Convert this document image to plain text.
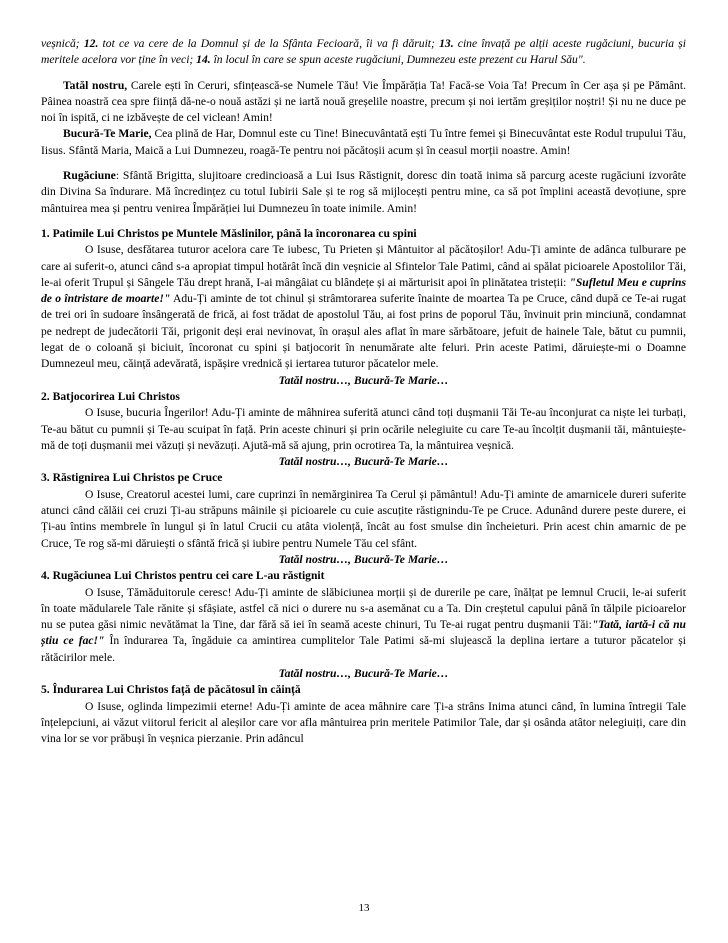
veșnică; 12. tot ce va cere de la Domnul și de la Sfânta Fecioară, îi va fi dăruit; 13. cine învață pe alții aceste rugăciuni, bucuria și meritele acelora vor ține în veci; 14. în locul în care se spun aceste rugăciuni, Dumnezeu este prezent cu Harul Său".

Tatăl nostru, Carele ești în Ceruri, sfințească-se Numele Tău! Vie Împărăția Ta! Facă-se Voia Ta! Precum în Cer așa și pe Pământ. Pâinea noastră cea spre ființă dă-ne-o nouă astăzi și ne iartă nouă greșelile noastre, precum și noi iertăm greșiților noștri! Și nu ne duce pe noi în ispită, ci ne izbăvește de cel viclean! Amin!

Bucură-Te Marie, Cea plină de Har, Domnul este cu Tine! Binecuvântată ești Tu între femei și Binecuvântat este Rodul trupului Tău, Iisus. Sfântă Maria, Maică a Lui Dumnezeu, roagă-Te pentru noi păcătoșii acum și în ceasul morții noastre. Amin!

Rugăciune: Sfântă Brigitta, slujitoare credincioasă a Lui Isus Răstignit, doresc din toată inima să parcurg aceste rugăciuni izvorâte din Divina Sa îndurare. Mă încredințez cu totul Iubirii Sale și te rog să mijlocești pentru mine, ca să pot împlini această devoțiune, spre mântuirea mea și pentru venirea Împărăției lui Dumnezeu în toate inimile. Amin!

1. Patimile Lui Christos pe Muntele Măslinilor, până la încoronarea cu spini

O Isuse, desfătarea tuturor acelora care Te iubesc, Tu Prieten și Mântuitor al păcătoșilor! Adu-Ți aminte de adânca tulburare pe care ai suferit-o, atunci când s-a apropiat timpul hotărât încă din veșnicie al Sfintelor Tale Patimi, când ai spălat picioarele Apostolilor Tăi, le-ai oferit Trupul și Sângele Tău drept hrană, I-ai mângâiat cu blândețe și ai mărturisit apoi în plinătatea tristeții: "Sufletul Meu e cuprins de o întristare de moarte!" Adu-Ți aminte de tot chinul și strâmtorarea suferite înainte de moartea Ta pe Cruce, când după ce Te-ai rugat de trei ori în sudoare însângerată de frică, ai fost trădat de apostolul Tău, ai fost prins de poporul Tău, învinuit prin minciună, condamnat pe nedrept de judecătorii Tăi, prigonit deși erai nevinovat, în orașul ales aflat în mare sărbătoare, jefuit de hainele Tale, bătut cu pumnii, legat de o coloană și biciuit, încoronat cu spini și batjocorit în nenumărate alte feluri. Prin aceste Patimi, dăruiește-mi o Doamne Dumnezeul meu, căință adevărată, ispășire vrednică și iertarea tuturor păcatelor mele.

Tatăl nostru…, Bucură-Te Marie…

2. Batjocorirea Lui Christos

O Isuse, bucuria Îngerilor! Adu-Ți aminte de mâhnirea suferită atunci când toți dușmanii Tăi Te-au înconjurat ca niște lei turbați, Te-au bătut cu pumnii și Te-au scuipat în față. Prin aceste chinuri și prin ocările nelegiuite cu care Te-au încolțit dușmanii tăi, mântuiește-mă de toți dușmanii mei văzuți și nevăzuți. Ajută-mă să ajung, prin ocrotirea Ta, la mântuirea veșnică.

Tatăl nostru…, Bucură-Te Marie…

3. Răstignirea Lui Christos pe Cruce

O Isuse, Creatorul acestei lumi, care cuprinzi în nemărginirea Ta Cerul și pământul! Adu-Ți aminte de amarnicele dureri suferite atunci când călăii cei cruzi Ți-au străpuns mâinile și picioarele cu cuie ascuțite răstignindu-Te pe Cruce. Adunând durere peste durere, ei Ți-au întins membrele în lungul și în latul Crucii cu atâta violență, încât au fost smulse din încheieturi. Prin acest chin amarnic de pe Cruce, Te rog să-mi dăruiești o sfântă frică și iubire pentru Numele Tău cel sfânt.

Tatăl nostru…, Bucură-Te Marie…

4. Rugăciunea Lui Christos pentru cei care L-au răstignit

O Isuse, Tămăduitorule ceresc! Adu-Ți aminte de slăbiciunea morții și de durerile pe care, înălțat pe lemnul Crucii, le-ai suferit în toate mădularele Tale rănite și sfâșiate, astfel că nici o durere nu s-a asemănat cu a Ta. Din creștetul capului până în tălpile picioarelor nu se putea găsi nimic nevătămat la Tine, dar fără să iei în seamă aceste chinuri, Tu Te-ai rugat pentru dușmanii Tăi:"Tată, iartă-i că nu știu ce fac!" În îndurarea Ta, îngăduie ca amintirea cumplitelor Tale Patimi să-mi slujească la deplina iertare a tuturor păcatelor și rătăcirilor mele.

Tatăl nostru…, Bucură-Te Marie…

5. Îndurarea Lui Christos față de păcătosul în căință

O Isuse, oglinda limpezimii eterne! Adu-Ți aminte de acea mâhnire care Ți-a strâns Inima atunci când, în lumina întregii Tale înțelepciuni, ai văzut viitorul fericit al aleșilor care vor afla mântuirea prin meritele Patimilor Tale, dar și osânda atâtor nelegiuiți, care din vina lor se vor prăbuși în veșnica pierzanie. Prin adâncul

13
